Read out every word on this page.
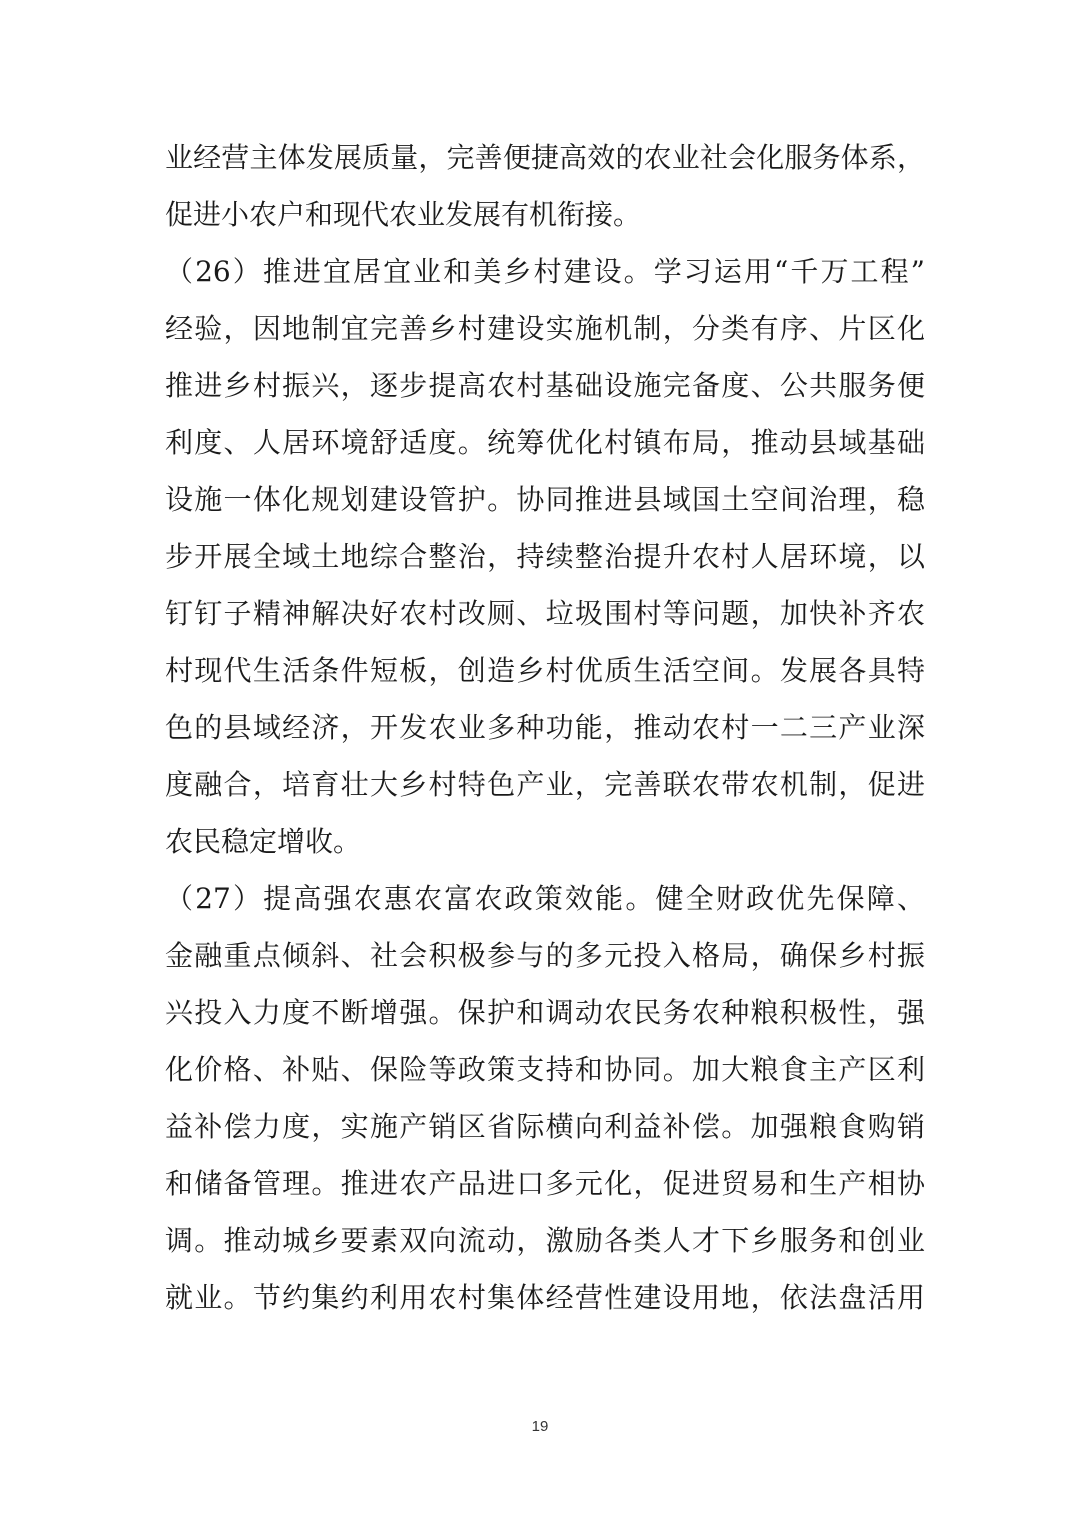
业经营主体发展质量，完善便捷高效的农业社会化服务体系，
促进小农户和现代农业发展有机衔接。
（26）推进宜居宜业和美乡村建设。学习运用“千万工程”
经验，因地制宜完善乡村建设实施机制，分类有序、片区化
推进乡村振兴，逐步提高农村基础设施完备度、公共服务便
利度、人居环境舒适度。统筹优化村镇布局，推动县域基础
设施一体化规划建设管护。协同推进县域国土空间治理，稳
步开展全域土地综合整治，持续整治提升农村人居环境，以
钉钉子精神解决好农村改厕、垃圾围村等问题，加快补齐农
村现代生活条件短板，创造乡村优质生活空间。发展各具特
色的县域经济，开发农业多种功能，推动农村一二三产业深
度融合，培育壮大乡村特色产业，完善联农带农机制，促进
农民稳定增收。
（27）提高强农惠农富农政策效能。健全财政优先保障、
金融重点倾斜、社会积极参与的多元投入格局，确保乡村振
兴投入力度不断增强。保护和调动农民务农种粮积极性，强
化价格、补贴、保险等政策支持和协同。加大粮食主产区利
益补偿力度，实施产销区省际横向利益补偿。加强粮食购销
和储备管理。推进农产品进口多元化，促进贸易和生产相协
调。推动城乡要素双向流动，激励各类人才下乡服务和创业
就业。节约集约利用农村集体经营性建设用地，依法盘活用
19
